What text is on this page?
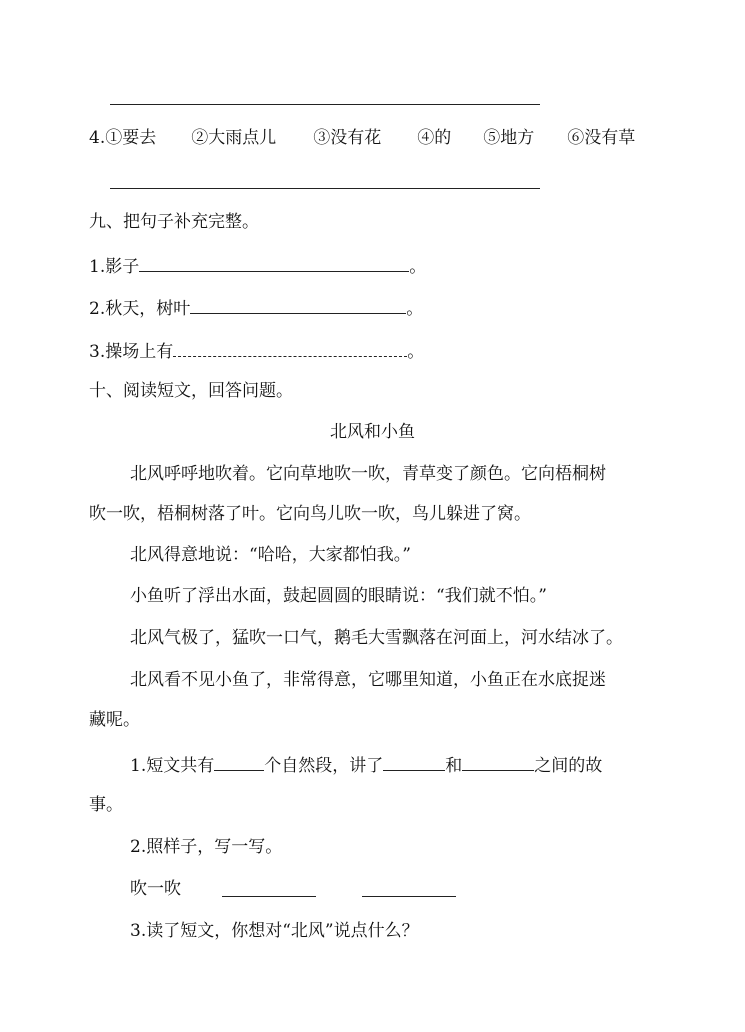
4.①要去 ②大雨点儿 ③没有花 ④的 ⑤地方 ⑥没有草
九、把句子补充完整。
1.影子	。
2.秋天，树叶	。
3.操场上有	。
十、阅读短文，回答问题。
北风和小鱼
北风呼呼地吹着。它向草地吹一吹，青草变了颜色。它向梧桐树
吹一吹，梧桐树落了叶。它向鸟儿吹一吹，鸟儿躲进了窝。
北风得意地说：“哈哈，大家都怕我。”
小鱼听了浮出水面，鼓起圆圆的眼睛说：“我们就不怕。”
北风气极了，猛吹一口气，鹅毛大雪飘落在河面上，河水结冰了。
北风看不见小鱼了，非常得意，它哪里知道，小鱼正在水底捉迷
藏呢。
1.短文共有	个自然段，讲了	和	之间的故
事。
2.照样子，写一写。
吹一吹
3.读了短文，你想对“北风”说点什么？
